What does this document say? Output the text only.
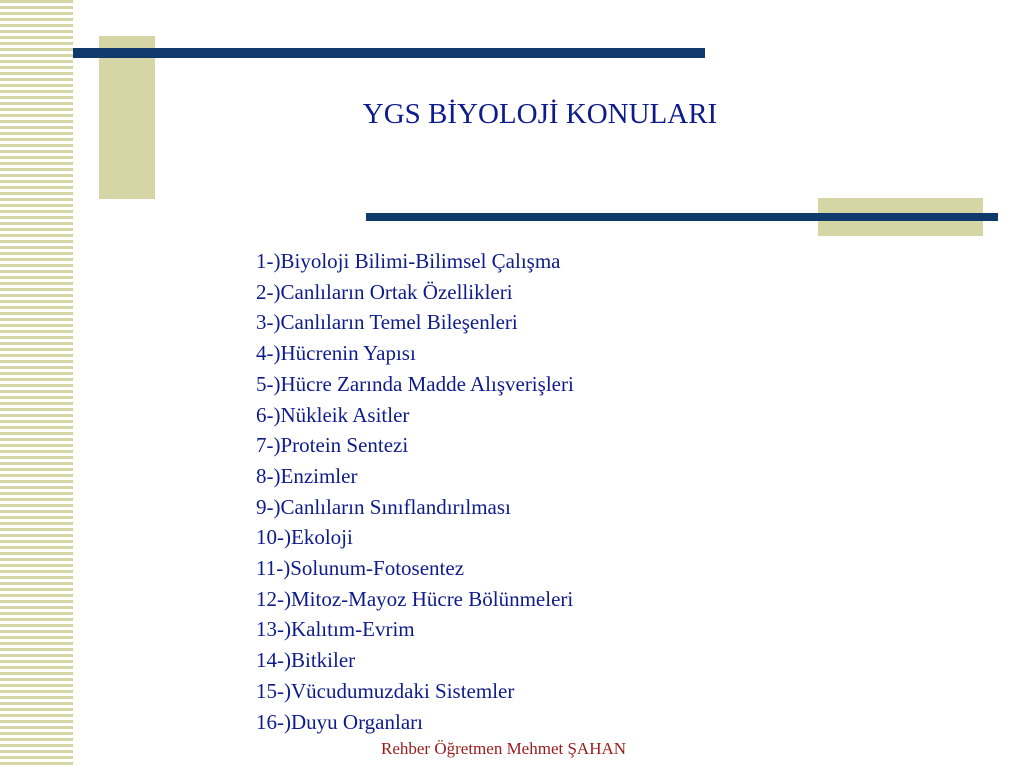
YGS BİYOLOJİ KONULARI
1-)Biyoloji Bilimi-Bilimsel Çalışma
2-)Canlıların Ortak Özellikleri
3-)Canlıların Temel Bileşenleri
4-)Hücrenin Yapısı
5-)Hücre Zarında Madde Alışverişleri
6-)Nükleik Asitler
7-)Protein Sentezi
8-)Enzimler
9-)Canlıların Sınıflandırılması
10-)Ekoloji
11-)Solunum-Fotosentez
12-)Mitoz-Mayoz Hücre Bölünmeleri
13-)Kalıtım-Evrim
14-)Bitkiler
15-)Vücudumuzdaki Sistemler
16-)Duyu Organları
Rehber Öğretmen Mehmet ŞAHAN
